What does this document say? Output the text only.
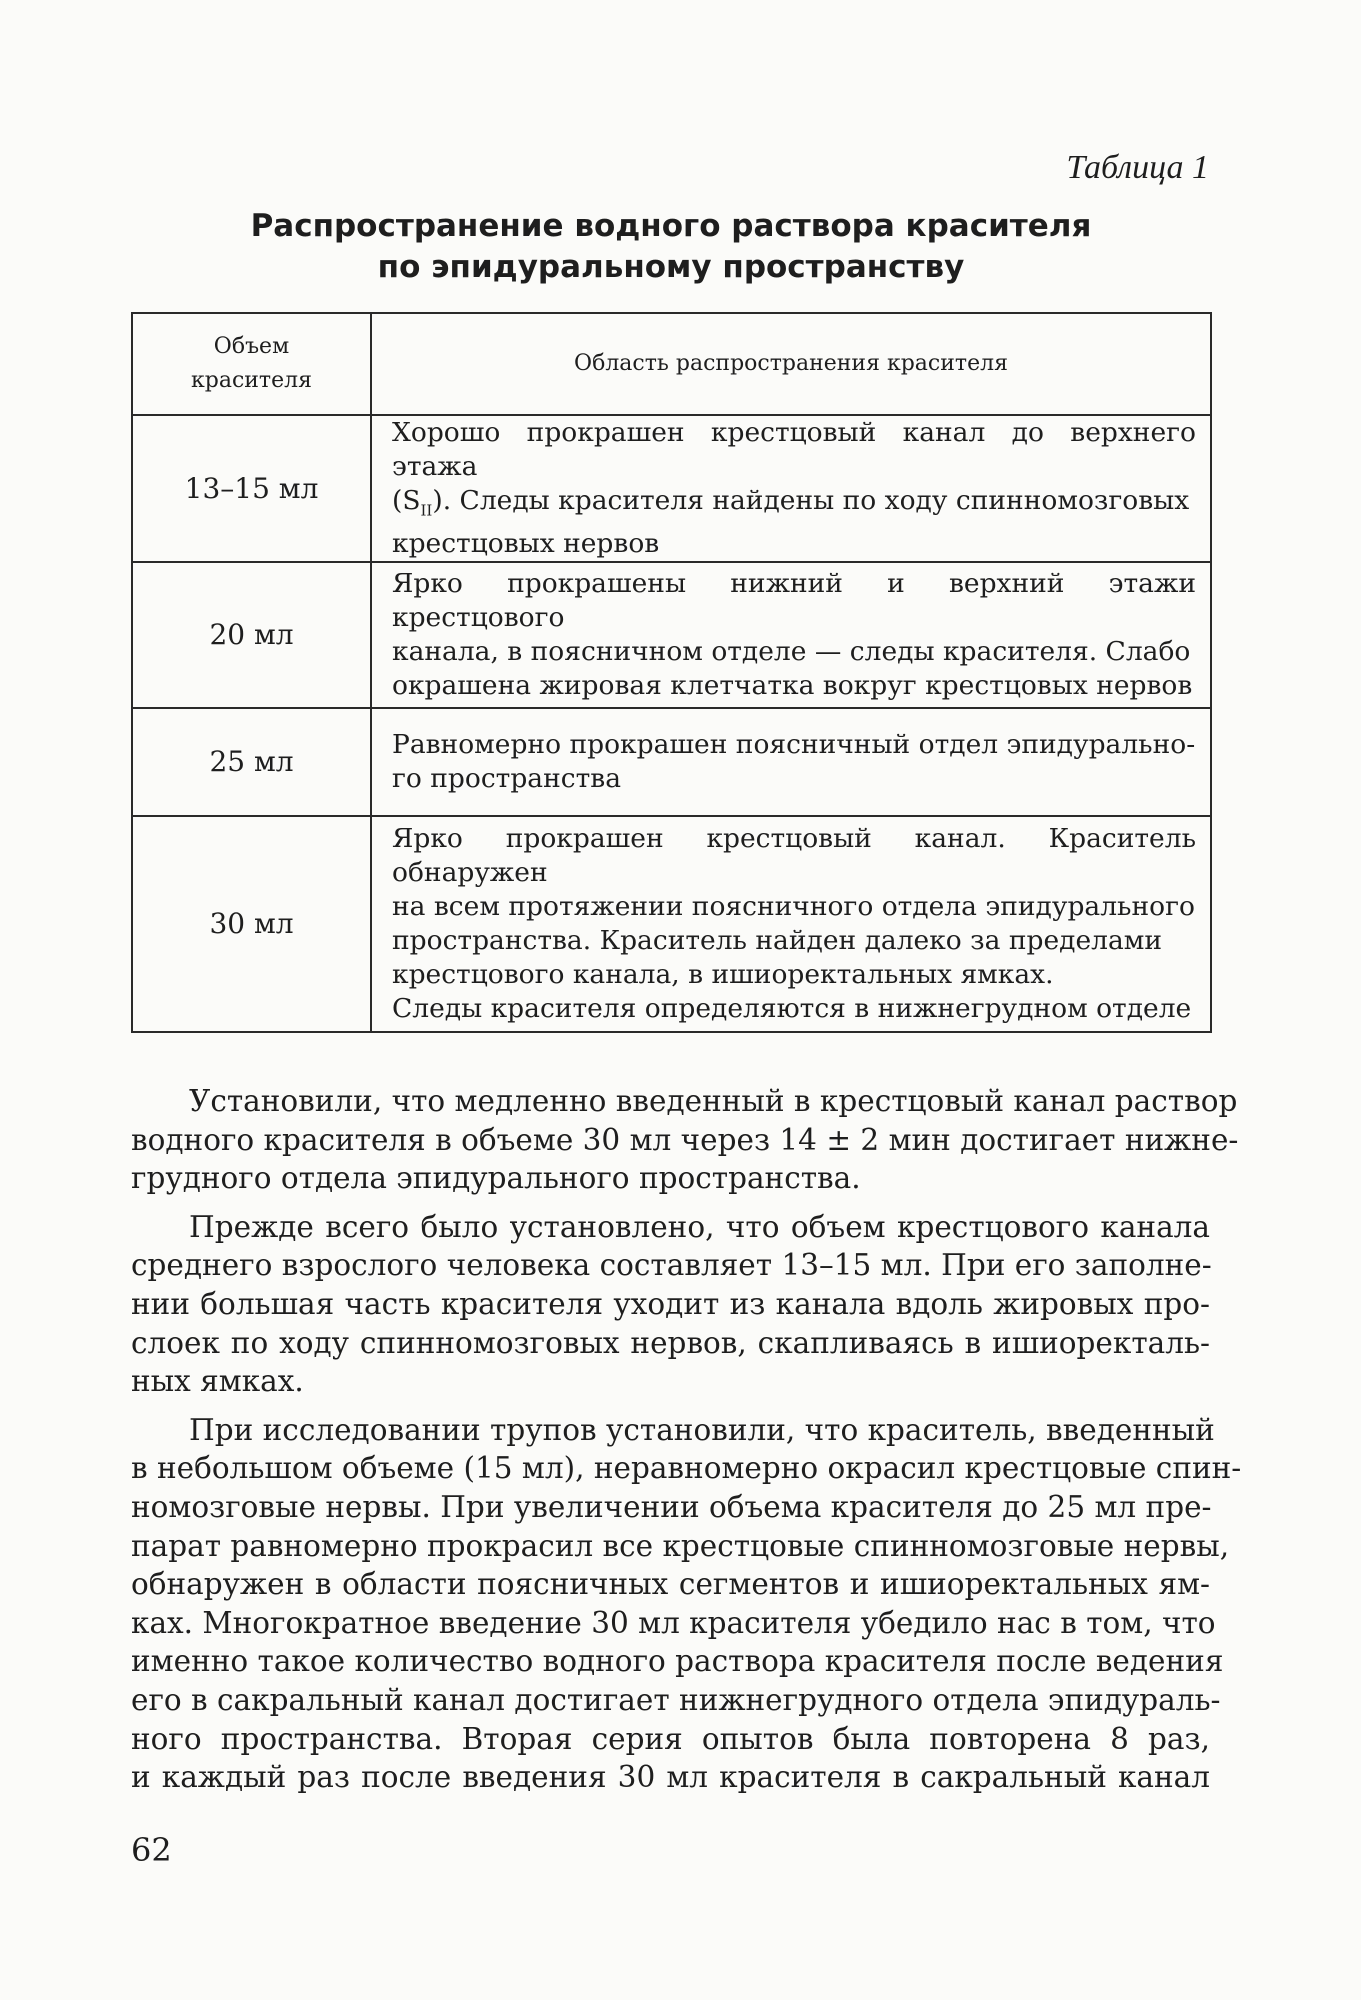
Таблица 1

Распространение водного раствора красителя
по эпидуральному пространству
Объем красителя	Область распространения красителя
13–15 мл	Хорошо прокрашен крестцовый канал до верхнего этажа
$(S_{II})$. Следы красителя найдены по ходу спинномозговых
крестцовых нервов

20 мл	Ярко прокрашены нижний и верхний этажи крестцового
канала, в поясничном отделе — следы красителя. Слабо
окрашена жировая клетчатка вокруг крестцовых нервов

25 мл	Равномерно прокрашен поясничный отдел эпидурально-
го пространства

30 мл	Ярко прокрашен крестцовый канал. Краситель обнаружен
на всем протяжении поясничного отдела эпидурального
пространства. Краситель найден далеко за пределами
крестцового канала, в ишиоректальных ямках.
Следы красителя определяются в нижнегрудном отделе

Установили, что медленно введенный в крестцовый канал раствор
водного красителя в объеме 30 мл через 14 ± 2 мин достигает нижне-
грудного отдела эпидурального пространства.

Прежде всего было установлено, что объем крестцового канала
среднего взрослого человека составляет 13–15 мл. При его заполне-
нии большая часть красителя уходит из канала вдоль жировых про-
слоек по ходу спинномозговых нервов, скапливаясь в ишиоректаль-
ных ямках.

При исследовании трупов установили, что краситель, введенный
в небольшом объеме (15 мл), неравномерно окрасил крестцовые спин-
номозговые нервы. При увеличении объема красителя до 25 мл пре-
парат равномерно прокрасил все крестцовые спинномозговые нервы,
обнаружен в области поясничных сегментов и ишиоректальных ям-
ках. Многократное введение 30 мл красителя убедило нас в том, что
именно такое количество водного раствора красителя после ведения
его в сакральный канал достигает нижнегрудного отдела эпидураль-
ного пространства. Вторая серия опытов была повторена 8 раз,
и каждый раз после введения 30 мл красителя в сакральный канал

62
